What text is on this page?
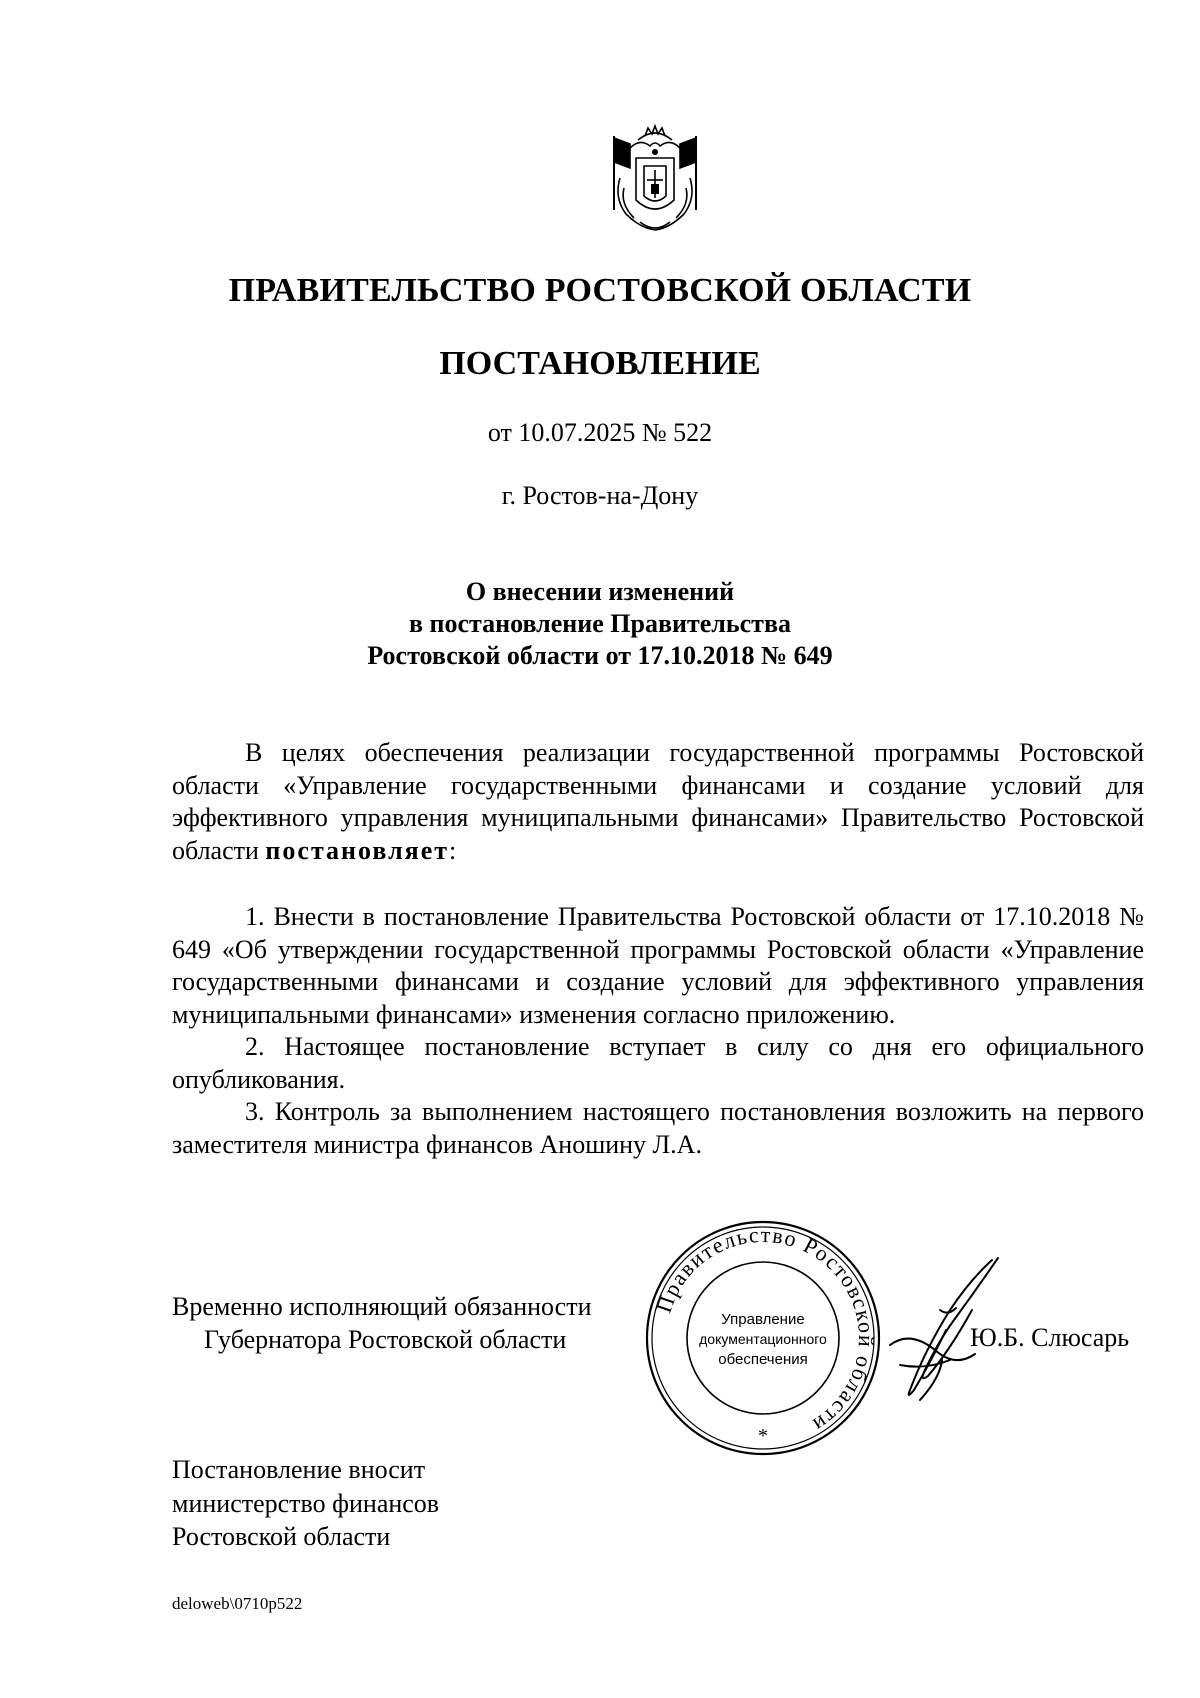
ПРАВИТЕЛЬСТВО РОСТОВСКОЙ ОБЛАСТИ
ПОСТАНОВЛЕНИЕ
от 10.07.2025 № 522
г. Ростов-на-Дону
О внесении изменений
в постановление Правительства
Ростовской области от 17.10.2018 № 649

В целях обеспечения реализации государственной программы Ростовской области «Управление государственными финансами и создание условий для эффективного управления муниципальными финансами» Правительство Ростовской области постановляет:

1. Внести в постановление Правительства Ростовской области от 17.10.2018 № 649 «Об утверждении государственной программы Ростовской области «Управление государственными финансами и создание условий для эффективного управления муниципальными финансами» изменения согласно приложению.

2. Настоящее постановление вступает в силу со дня его официального опубликования.

3. Контроль за выполнением настоящего постановления возложить на первого заместителя министра финансов Аношину Л.А.

Временно исполняющий обязанности
Губернатора Ростовской области
Правительство Ростовской области
Управление
документационного
обеспечения
*
Ю.Б. Слюсарь
Постановление вносит
министерство финансов
Ростовской области
deloweb\0710p522
